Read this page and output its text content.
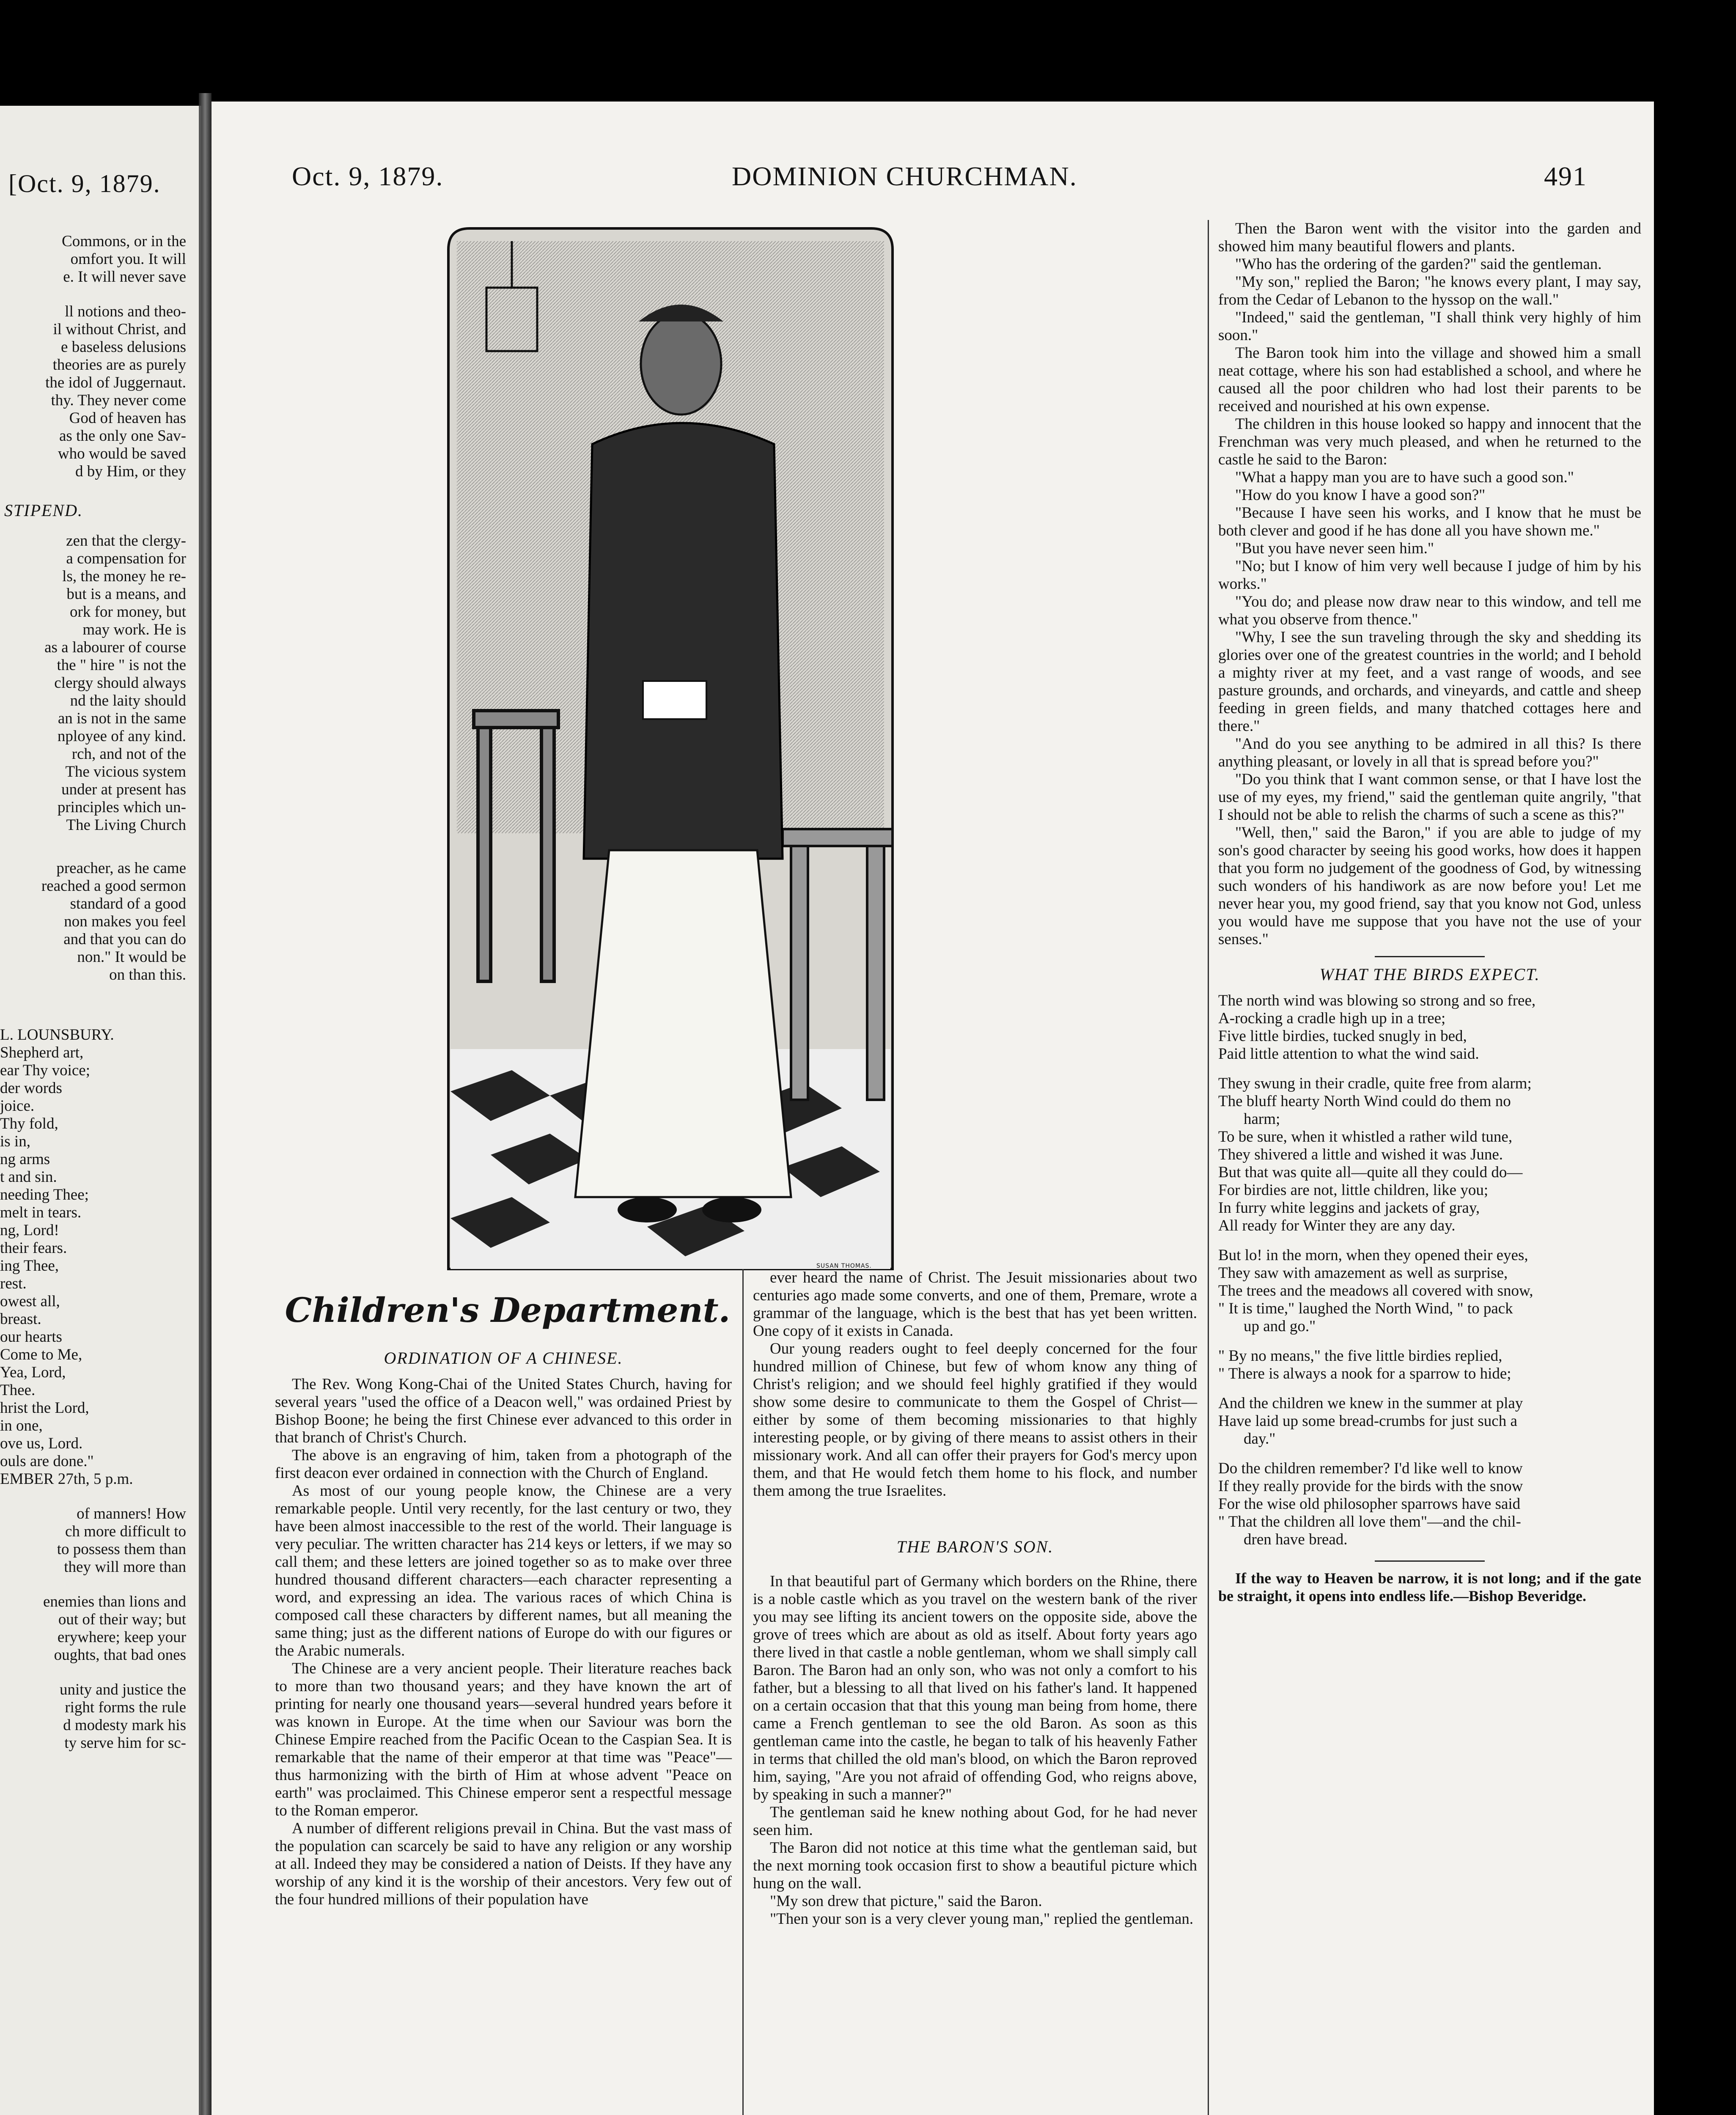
[Oct. 9, 1879.

Commons, or in the

omfort you. It will

e. It will never save

ll notions and theo-

il without Christ, and

e baseless delusions

theories are as purely

the idol of Juggernaut.

thy. They never come

God of heaven has

as the only one Sav-

who would be saved

d by Him, or they

STIPEND.

zen that the clergy-

a compensation for

ls, the money he re-

but is a means, and

ork for money, but

may work. He is

as a labourer of course

the " hire " is not the

clergy should always

nd the laity should

an is not in the same

nployee of any kind.

rch, and not of the

The vicious system

under at present has

principles which un-

The Living Church

preacher, as he came

reached a good sermon

standard of a good

non makes you feel

and that you can do

non." It would be

on than this.

L. LOUNSBURY.

Shepherd art,

ear Thy voice;

der words

joice.

Thy fold,

is in,

ng arms

t and sin.

needing Thee;

melt in tears.

ng, Lord!

their fears.

ing Thee,

rest.

owest all,

breast.

our hearts

Come to Me,

Yea, Lord,

Thee.

hrist the Lord,

in one,

ove us, Lord.

ouls are done."

EMBER 27th, 5 p.m.

of manners! How

ch more difficult to

to possess them than

they will more than

enemies than lions and

out of their way; but

erywhere; keep your

oughts, that bad ones

unity and justice the

right forms the rule

d modesty mark his

ty serve him for sc-

Oct. 9, 1879.	DOMINION CHURCHMAN.	491
SUSAN THOMAS.
Children's Department.
ORDINATION OF A CHINESE.

The Rev. Wong Kong-Chai of the United States Church, having for several years "used the office of a Deacon well," was ordained Priest by Bishop Boone; he being the first Chinese ever advanced to this order in that branch of Christ's Church.

The above is an engraving of him, taken from a photograph of the first deacon ever ordained in connection with the Church of England.

As most of our young people know, the Chinese are a very remarkable people. Until very recently, for the last century or two, they have been almost inaccessible to the rest of the world. Their language is very peculiar. The written character has 214 keys or letters, if we may so call them; and these letters are joined together so as to make over three hundred thousand different characters—each character representing a word, and expressing an idea. The various races of which China is composed call these characters by different names, but all meaning the same thing; just as the different nations of Europe do with our figures or the Arabic numerals.

The Chinese are a very ancient people. Their literature reaches back to more than two thousand years; and they have known the art of printing for nearly one thousand years—several hundred years before it was known in Europe. At the time when our Saviour was born the Chinese Empire reached from the Pacific Ocean to the Caspian Sea. It is remarkable that the name of their emperor at that time was "Peace"—thus harmonizing with the birth of Him at whose advent "Peace on earth" was proclaimed. This Chinese emperor sent a respectful message to the Roman emperor.

A number of different religions prevail in China. But the vast mass of the population can scarcely be said to have any religion or any worship at all. Indeed they may be considered a nation of Deists. If they have any worship of any kind it is the worship of their ancestors. Very few out of the four hundred millions of their population have

ever heard the name of Christ. The Jesuit missionaries about two centuries ago made some converts, and one of them, Premare, wrote a grammar of the language, which is the best that has yet been written. One copy of it exists in Canada.

Our young readers ought to feel deeply concerned for the four hundred million of Chinese, but few of whom know any thing of Christ's religion; and we should feel highly gratified if they would show some desire to communicate to them the Gospel of Christ—either by some of them becoming missionaries to that highly interesting people, or by giving of there means to assist others in their missionary work. And all can offer their prayers for God's mercy upon them, and that He would fetch them home to his flock, and number them among the true Israelites.

THE BARON'S SON.

In that beautiful part of Germany which borders on the Rhine, there is a noble castle which as you travel on the western bank of the river you may see lifting its ancient towers on the opposite side, above the grove of trees which are about as old as itself. About forty years ago there lived in that castle a noble gentleman, whom we shall simply call Baron. The Baron had an only son, who was not only a comfort to his father, but a blessing to all that lived on his father's land. It happened on a certain occasion that that this young man being from home, there came a French gentleman to see the old Baron. As soon as this gentleman came into the castle, he began to talk of his heavenly Father in terms that chilled the old man's blood, on which the Baron reproved him, saying, "Are you not afraid of offending God, who reigns above, by speaking in such a manner?"

The gentleman said he knew nothing about God, for he had never seen him.

The Baron did not notice at this time what the gentleman said, but the next morning took occasion first to show a beautiful picture which hung on the wall.

"My son drew that picture," said the Baron.

"Then your son is a very clever young man," replied the gentleman.

Then the Baron went with the visitor into the garden and showed him many beautiful flowers and plants.

"Who has the ordering of the garden?" said the gentleman.

"My son," replied the Baron; "he knows every plant, I may say, from the Cedar of Lebanon to the hyssop on the wall."

"Indeed," said the gentleman, "I shall think very highly of him soon."

The Baron took him into the village and showed him a small neat cottage, where his son had established a school, and where he caused all the poor children who had lost their parents to be received and nourished at his own expense.

The children in this house looked so happy and innocent that the Frenchman was very much pleased, and when he returned to the castle he said to the Baron:

"What a happy man you are to have such a good son."

"How do you know I have a good son?"

"Because I have seen his works, and I know that he must be both clever and good if he has done all you have shown me."

"But you have never seen him."

"No; but I know of him very well because I judge of him by his works."

"You do; and please now draw near to this window, and tell me what you observe from thence."

"Why, I see the sun traveling through the sky and shedding its glories over one of the greatest countries in the world; and I behold a mighty river at my feet, and a vast range of woods, and see pasture grounds, and orchards, and vineyards, and cattle and sheep feeding in green fields, and many thatched cottages here and there."

"And do you see anything to be admired in all this? Is there anything pleasant, or lovely in all that is spread before you?"

"Do you think that I want common sense, or that I have lost the use of my eyes, my friend," said the gentleman quite angrily, "that I should not be able to relish the charms of such a scene as this?"

"Well, then," said the Baron," if you are able to judge of my son's good character by seeing his good works, how does it happen that you form no judgement of the goodness of God, by witnessing such wonders of his handiwork as are now before you! Let me never hear you, my good friend, say that you know not God, unless you would have me suppose that you have not the use of your senses."

WHAT THE BIRDS EXPECT.

The north wind was blowing so strong and so free,

A-rocking a cradle high up in a tree;

Five little birdies, tucked snugly in bed,

Paid little attention to what the wind said.

They swung in their cradle, quite free from alarm;

The bluff hearty North Wind could do them no

harm;

To be sure, when it whistled a rather wild tune,

They shivered a little and wished it was June.

But that was quite all—quite all they could do—

For birdies are not, little children, like you;

In furry white leggins and jackets of gray,

All ready for Winter they are any day.

But lo! in the morn, when they opened their eyes,

They saw with amazement as well as surprise,

The trees and the meadows all covered with snow,

" It is time," laughed the North Wind, " to pack

up and go."

" By no means," the five little birdies replied,

" There is always a nook for a sparrow to hide;

And the children we knew in the summer at play

Have laid up some bread-crumbs for just such a

day."

Do the children remember? I'd like well to know

If they really provide for the birds with the snow

For the wise old philosopher sparrows have said

" That the children all love them"—and the chil-

dren have bread.

If the way to Heaven be narrow, it is not long; and if the gate be straight, it opens into endless life.—Bishop Beveridge.
